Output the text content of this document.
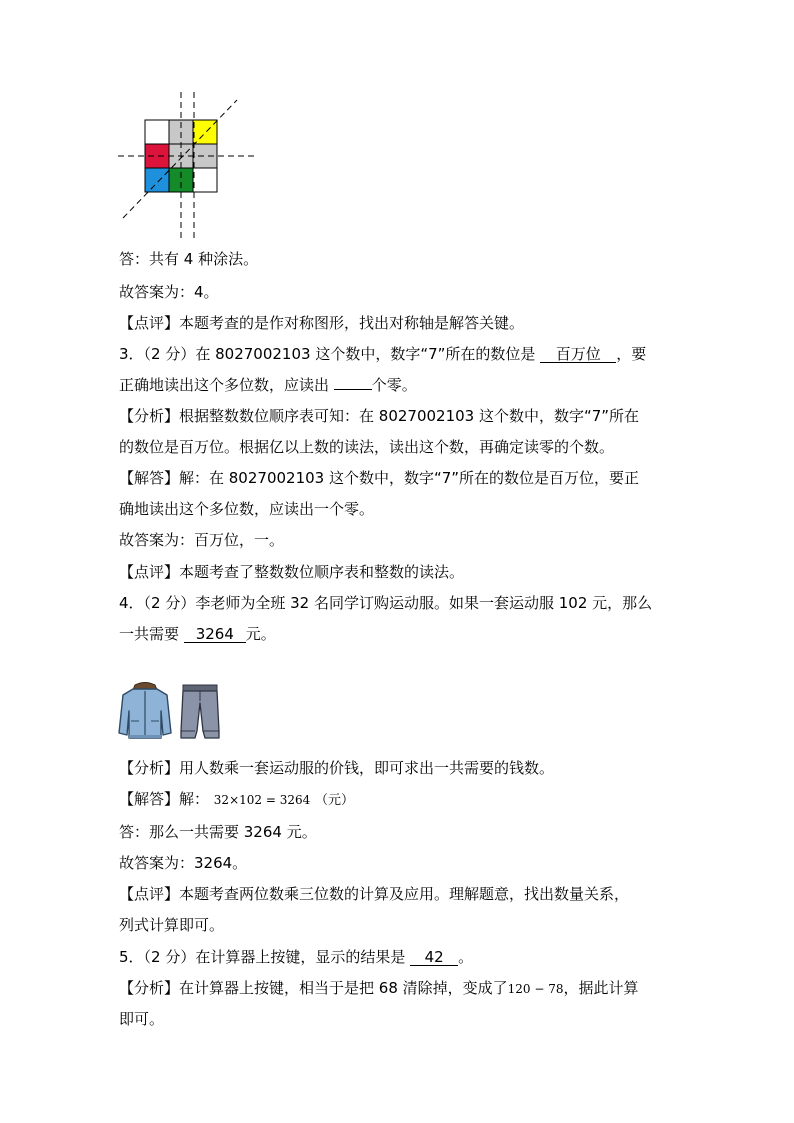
答：共有 4 种涂法。
故答案为：4。
【点评】本题考查的是作对称图形，找出对称轴是解答关键。
3．（2 分）在 8027002103 这个数中，数字“7”所在的数位是 百万位 ，要
正确地读出这个多位数，应读出	个零。
【分析】根据整数数位顺序表可知：在 8027002103 这个数中，数字“7”所在
的数位是百万位。根据亿以上数的读法，读出这个数，再确定读零的个数。
【解答】解：在 8027002103 这个数中，数字“7”所在的数位是百万位，要正
确地读出这个多位数，应读出一个零。
故答案为：百万位，一。
【点评】本题考查了整数数位顺序表和整数的读法。
4．（2 分）李老师为全班 32 名同学订购运动服。如果一套运动服 102 元，那么
一共需要 3264 元。
【分析】用人数乘一套运动服的价钱，即可求出一共需要的钱数。
【解答】解： 32×102 = 3264 （元）
答：那么一共需要 3264 元。
故答案为：3264。
【点评】本题考查两位数乘三位数的计算及应用。理解题意，找出数量关系，
列式计算即可。
5．（2 分）在计算器上按键，显示的结果是 42 。
【分析】在计算器上按键，相当于是把 68 清除掉，变成了120 − 78，据此计算
即可。
